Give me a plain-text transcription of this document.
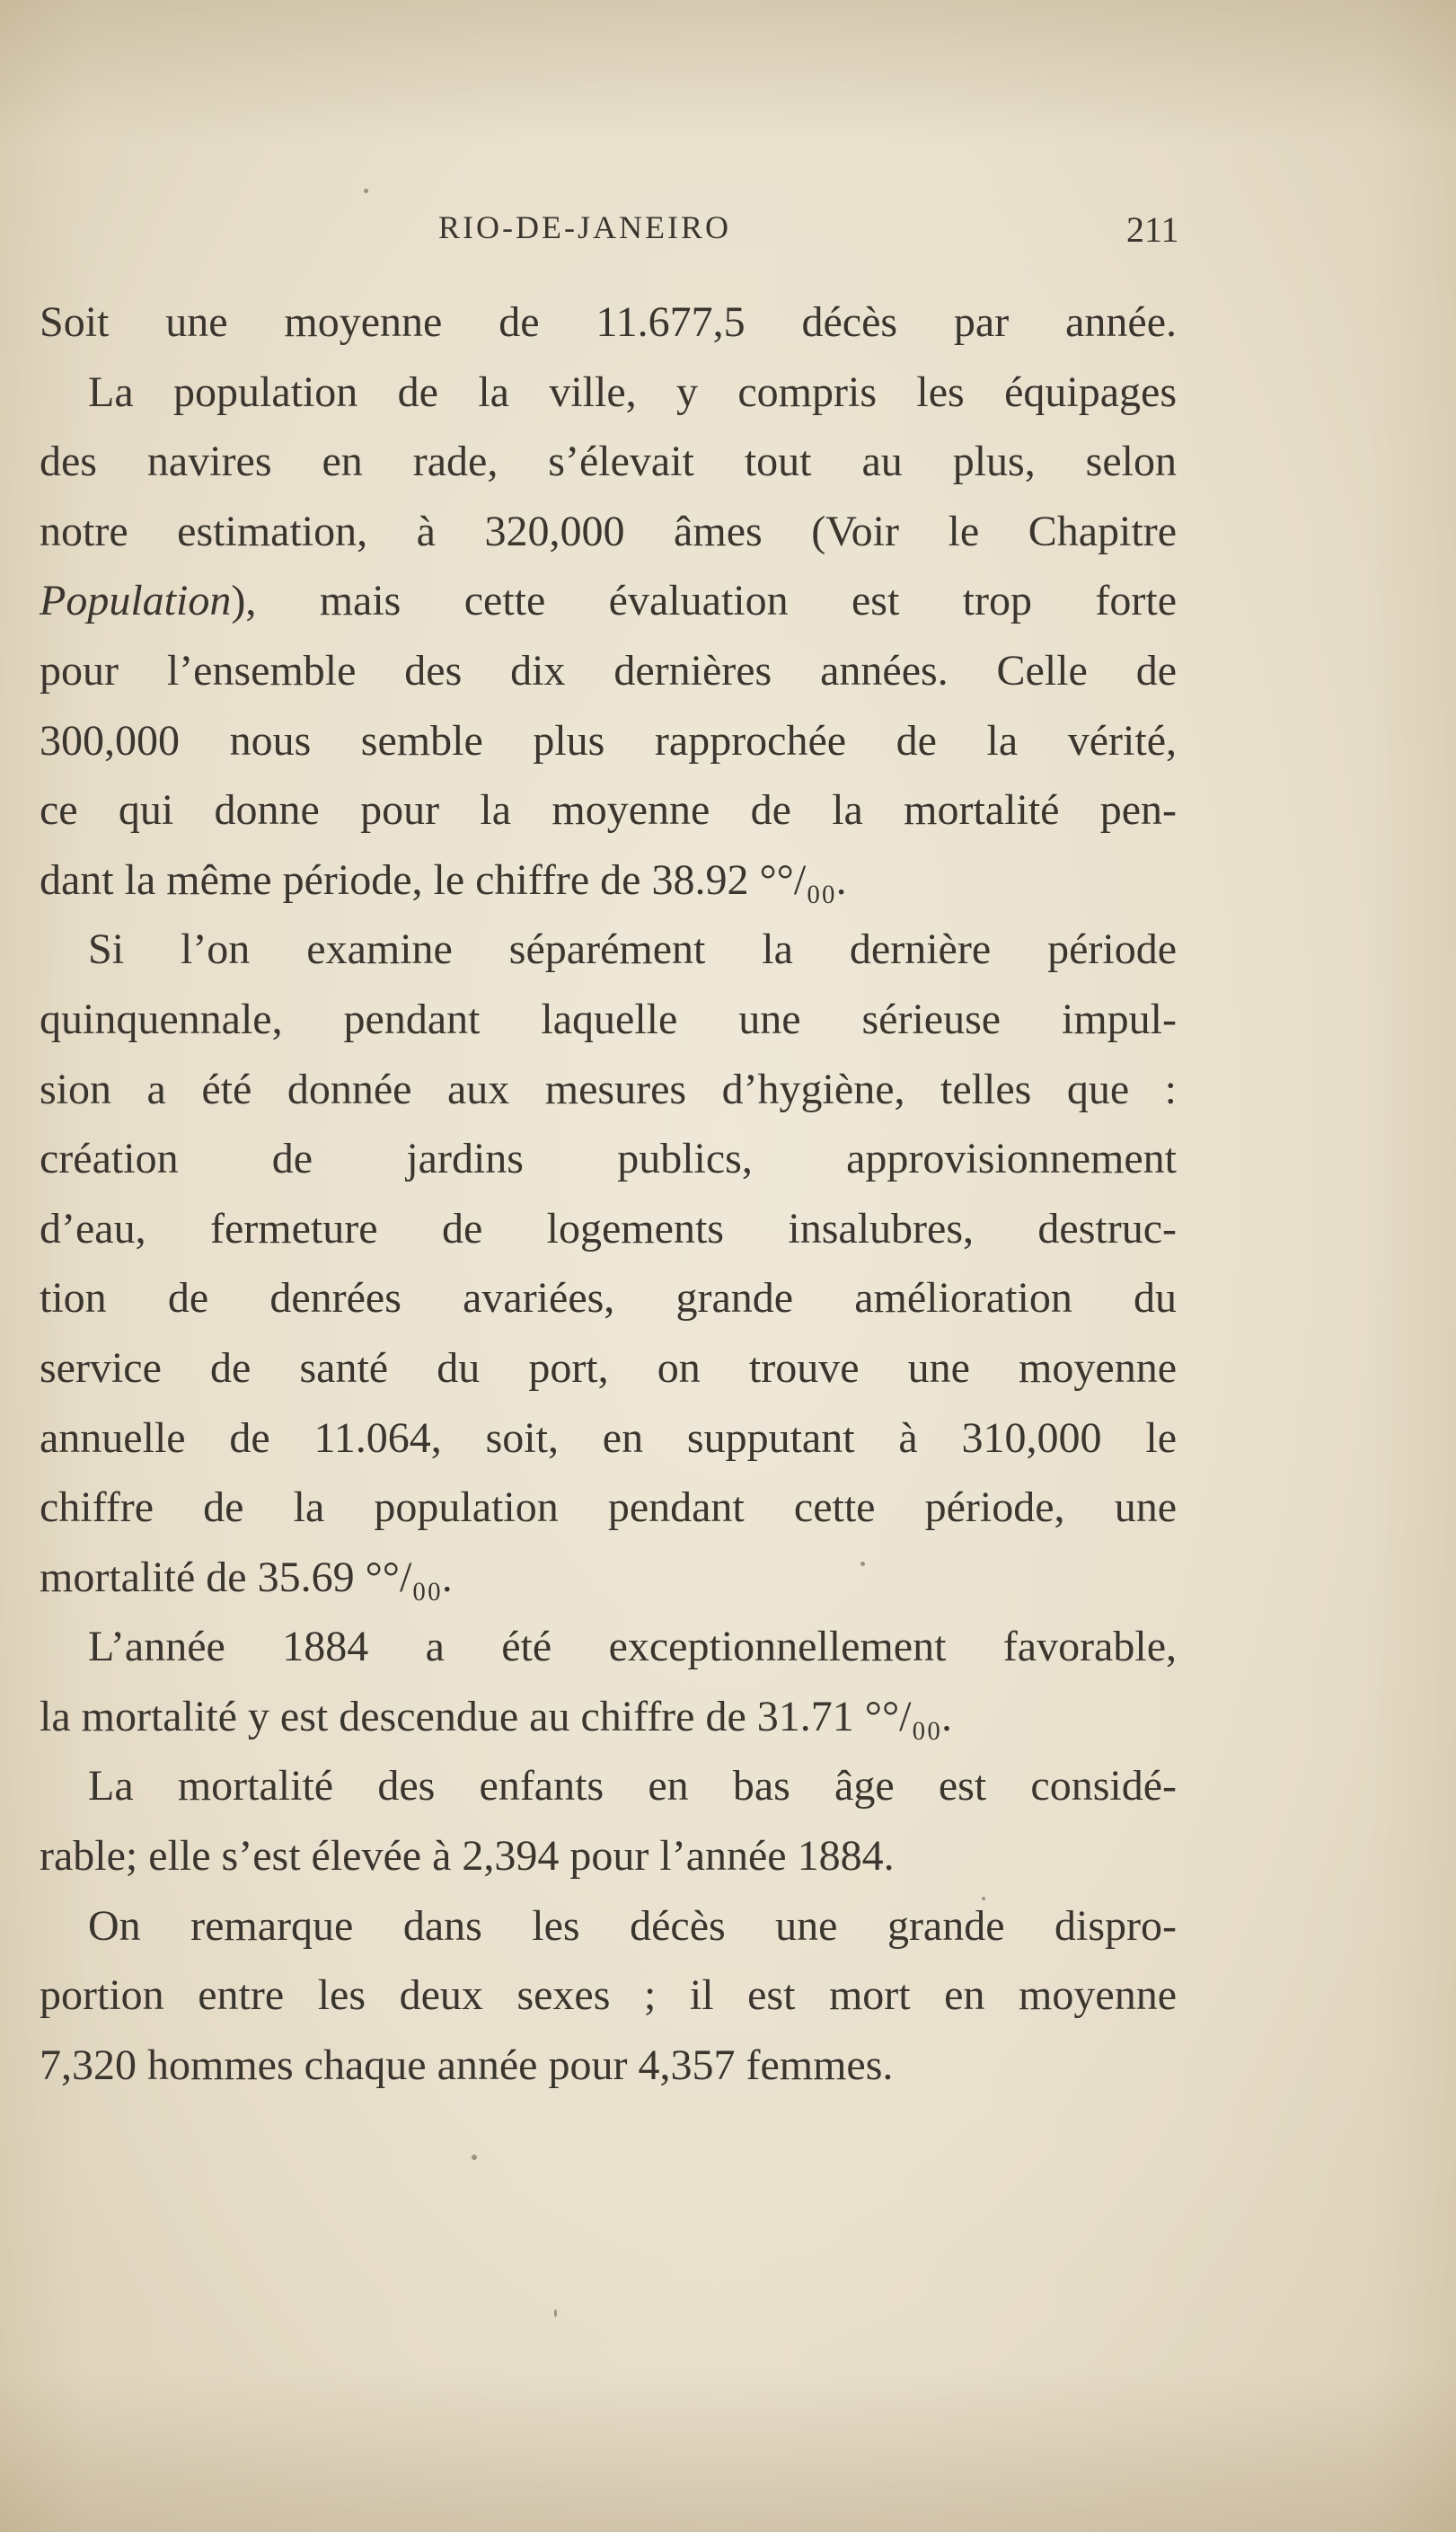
RIO-DE-JANEIRO	211
Soit une moyenne de 11.677,5 décès par année.
La population de la ville, y compris les équipages
des navires en rade, s’élevait tout au plus, selon
notre estimation, à 320,000 âmes (Voir le Chapitre
Population), mais cette évaluation est trop forte
pour l’ensemble des dix dernières années. Celle de
300,000 nous semble plus rapprochée de la vérité,
ce qui donne pour la moyenne de la mortalité pen-
dant la même période, le chiffre de 38.92 °°/₀₀.
Si l’on examine séparément la dernière période
quinquennale, pendant laquelle une sérieuse impul-
sion a été donnée aux mesures d’hygiène, telles que :
création de jardins publics, approvisionnement
d’eau, fermeture de logements insalubres, destruc-
tion de denrées avariées, grande amélioration du
service de santé du port, on trouve une moyenne
annuelle de 11.064, soit, en supputant à 310,000 le
chiffre de la population pendant cette période, une
mortalité de 35.69 °°/₀₀.
L’année 1884 a été exceptionnellement favorable,
la mortalité y est descendue au chiffre de 31.71 °°/₀₀.
La mortalité des enfants en bas âge est considé-
rable; elle s’est élevée à 2,394 pour l’année 1884.
On remarque dans les décès une grande dispro-
portion entre les deux sexes ; il est mort en moyenne
7,320 hommes chaque année pour 4,357 femmes.
